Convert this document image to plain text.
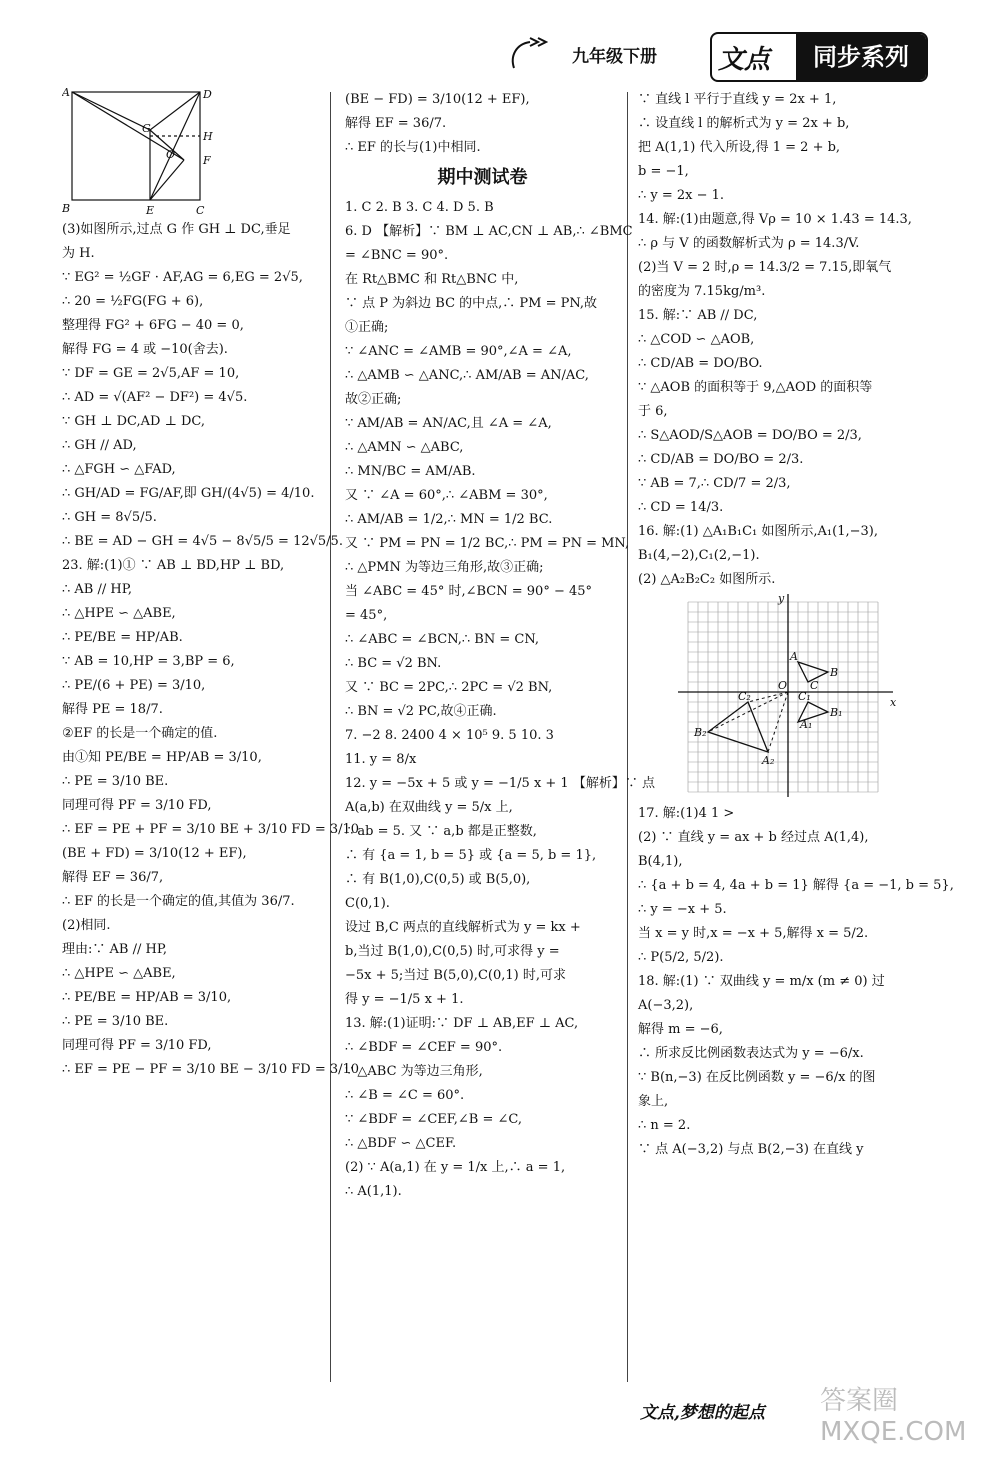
九年级下册 文点	同步系列
A	D
G
H
O	F
B	E	C
(3)如图所示,过点 G 作 GH ⊥ DC,垂足
为 H.
∵ EG² = ½GF · AF,AG = 6,EG = 2√5,
∴ 20 = ½FG(FG + 6),
整理得 FG² + 6FG − 40 = 0,
解得 FG = 4 或 −10(舍去).
∵ DF = GE = 2√5,AF = 10,
∴ AD = √(AF² − DF²) = 4√5.
∵ GH ⊥ DC,AD ⊥ DC,
∴ GH // AD,
∴ △FGH ∽ △FAD,
∴ GH/AD = FG/AF,即 GH/(4√5) = 4/10.
∴ GH = 8√5/5.
∴ BE = AD − GH = 4√5 − 8√5/5 = 12√5/5.
23. 解:(1)① ∵ AB ⊥ BD,HP ⊥ BD,
∴ AB // HP,
∴ △HPE ∽ △ABE,
∴ PE/BE = HP/AB.
∵ AB = 10,HP = 3,BP = 6,
∴ PE/(6 + PE) = 3/10,
解得 PE = 18/7.
②EF 的长是一个确定的值.
由①知 PE/BE = HP/AB = 3/10,
∴ PE = 3/10 BE.
同理可得 PF = 3/10 FD,
∴ EF = PE + PF = 3/10 BE + 3/10 FD = 3/10
(BE + FD) = 3/10(12 + EF),
解得 EF = 36/7,
∴ EF 的长是一个确定的值,其值为 36/7.
(2)相同.
理由:∵ AB // HP,
∴ △HPE ∽ △ABE,
∴ PE/BE = HP/AB = 3/10,
∴ PE = 3/10 BE.
同理可得 PF = 3/10 FD,
∴ EF = PE − PF = 3/10 BE − 3/10 FD = 3/10
(BE − FD) = 3/10(12 + EF),
解得 EF = 36/7.
∴ EF 的长与(1)中相同.
期中测试卷
1. C 2. B 3. C 4. D 5. B
6. D 【解析】∵ BM ⊥ AC,CN ⊥ AB,∴ ∠BMC
= ∠BNC = 90°.
在 Rt△BMC 和 Rt△BNC 中,
∵ 点 P 为斜边 BC 的中点,∴ PM = PN,故
①正确;
∵ ∠ANC = ∠AMB = 90°,∠A = ∠A,
∴ △AMB ∽ △ANC,∴ AM/AB = AN/AC,
故②正确;
∵ AM/AB = AN/AC,且 ∠A = ∠A,
∴ △AMN ∽ △ABC,
∴ MN/BC = AM/AB.
又 ∵ ∠A = 60°,∴ ∠ABM = 30°,
∴ AM/AB = 1/2,∴ MN = 1/2 BC.
又 ∵ PM = PN = 1/2 BC,∴ PM = PN = MN,
∴ △PMN 为等边三角形,故③正确;
当 ∠ABC = 45° 时,∠BCN = 90° − 45°
= 45°,
∴ ∠ABC = ∠BCN,∴ BN = CN,
∴ BC = √2 BN.
又 ∵ BC = 2PC,∴ 2PC = √2 BN,
∴ BN = √2 PC,故④正确.
7. −2 8. 2400 4 × 10⁵ 9. 5 10. 3
11. y = 8/x
12. y = −5x + 5 或 y = −1/5 x + 1 【解析】∵ 点
A(a,b) 在双曲线 y = 5/x 上,
∴ ab = 5. 又 ∵ a,b 都是正整数,
∴ 有 {a = 1, b = 5} 或 {a = 5, b = 1},
∴ 有 B(1,0),C(0,5) 或 B(5,0),
C(0,1).
设过 B,C 两点的直线解析式为 y = kx +
b,当过 B(1,0),C(0,5) 时,可求得 y =
−5x + 5;当过 B(5,0),C(0,1) 时,可求
得 y = −1/5 x + 1.
13. 解:(1)证明:∵ DF ⊥ AB,EF ⊥ AC,
∴ ∠BDF = ∠CEF = 90°.
∵ △ABC 为等边三角形,
∴ ∠B = ∠C = 60°.
∵ ∠BDF = ∠CEF,∠B = ∠C,
∴ △BDF ∽ △CEF.
(2) ∵ A(a,1) 在 y = 1/x 上,∴ a = 1,
∴ A(1,1).
∵ 直线 l 平行于直线 y = 2x + 1,
∴ 设直线 l 的解析式为 y = 2x + b,
把 A(1,1) 代入所设,得 1 = 2 + b,
b = −1,
∴ y = 2x − 1.
14. 解:(1)由题意,得 Vρ = 10 × 1.43 = 14.3,
∴ ρ 与 V 的函数解析式为 ρ = 14.3/V.
(2)当 V = 2 时,ρ = 14.3/2 = 7.15,即氧气
的密度为 7.15kg/m³.
15. 解:∵ AB // DC,
∴ △COD ∽ △AOB,
∴ CD/AB = DO/BO.
∵ △AOB 的面积等于 9,△AOD 的面积等
于 6,
∴ S△AOD/S△AOB = DO/BO = 2/3,
∴ CD/AB = DO/BO = 2/3.
∵ AB = 7,∴ CD/7 = 2/3,
∴ CD = 14/3.
16. 解:(1) △A₁B₁C₁ 如图所示,A₁(1,−3),
B₁(4,−2),C₁(2,−1).
(2) △A₂B₂C₂ 如图所示.
y
A
B
O C
x
C₁
B₁
B₂
A₁
C₂
A₂
17. 解:(1)4 1 >
(2) ∵ 直线 y = ax + b 经过点 A(1,4),
B(4,1),
∴ {a + b = 4, 4a + b = 1} 解得 {a = −1, b = 5},
∴ y = −x + 5.
当 x = y 时,x = −x + 5,解得 x = 5/2.
∴ P(5/2, 5/2).
18. 解:(1) ∵ 双曲线 y = m/x (m ≠ 0) 过
A(−3,2),
解得 m = −6,
∴ 所求反比例函数表达式为 y = −6/x.
∵ B(n,−3) 在反比例函数 y = −6/x 的图
象上,
∴ n = 2.
∵ 点 A(−3,2) 与点 B(2,−3) 在直线 y
文点,梦想的起点 答案圈 MXQE.COM
